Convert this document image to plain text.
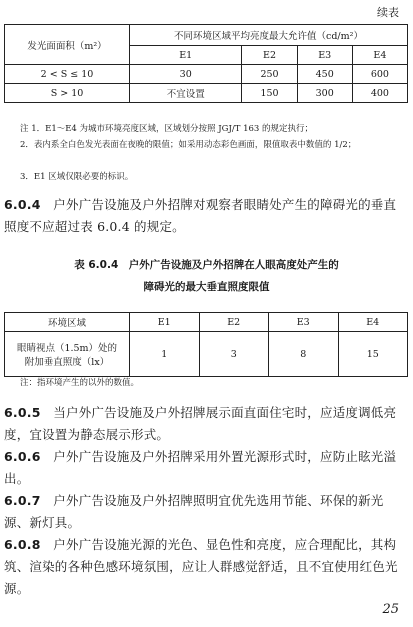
续表
发光面面积（m²）	不同环境区域平均亮度最大允许值（cd/m²）			
	E1	E2	E3	E4
2 < S ≤ 10	30	250	450	600
S > 10	不宜设置	150	300	400
注 1．E1～E4 为城市环境亮度区域，区域划分按照 JGJ/T 163 的规定执行；
2．表内系全白色发光表面在夜晚的限值；如采用动态彩色画面，限值取表中数值的 1/2；
3．E1 区域仅限必要的标识。
6.0.4　 户外广告设施及户外招牌对观察者眼睛处产生的障碍光的垂直照度不应超过表 6.0.4 的规定。
表 6.0.4　户外广告设施及户外招牌在人眼高度处产生的
障碍光的最大垂直照度限值
环境区域	E1	E2	E3	E4

眼睛视点（1.5m）处的
附加垂直照度（lx）	1	3	8	15
注：指环境产生的以外的数值。
6.0.5　 当户外广告设施及户外招牌展示面直面住宅时，应适度调低亮度，宜设置为静态展示形式。
6.0.6　 户外广告设施及户外招牌采用外置光源形式时，应防止眩光溢出。
6.0.7　 户外广告设施及户外招牌照明宜优先选用节能、环保的新光源、新灯具。
6.0.8　 户外广告设施光源的光色、显色性和亮度，应合理配比，其构筑、渲染的各种色感环境氛围，应让人群感觉舒适，且不宜使用红色光源。
25
